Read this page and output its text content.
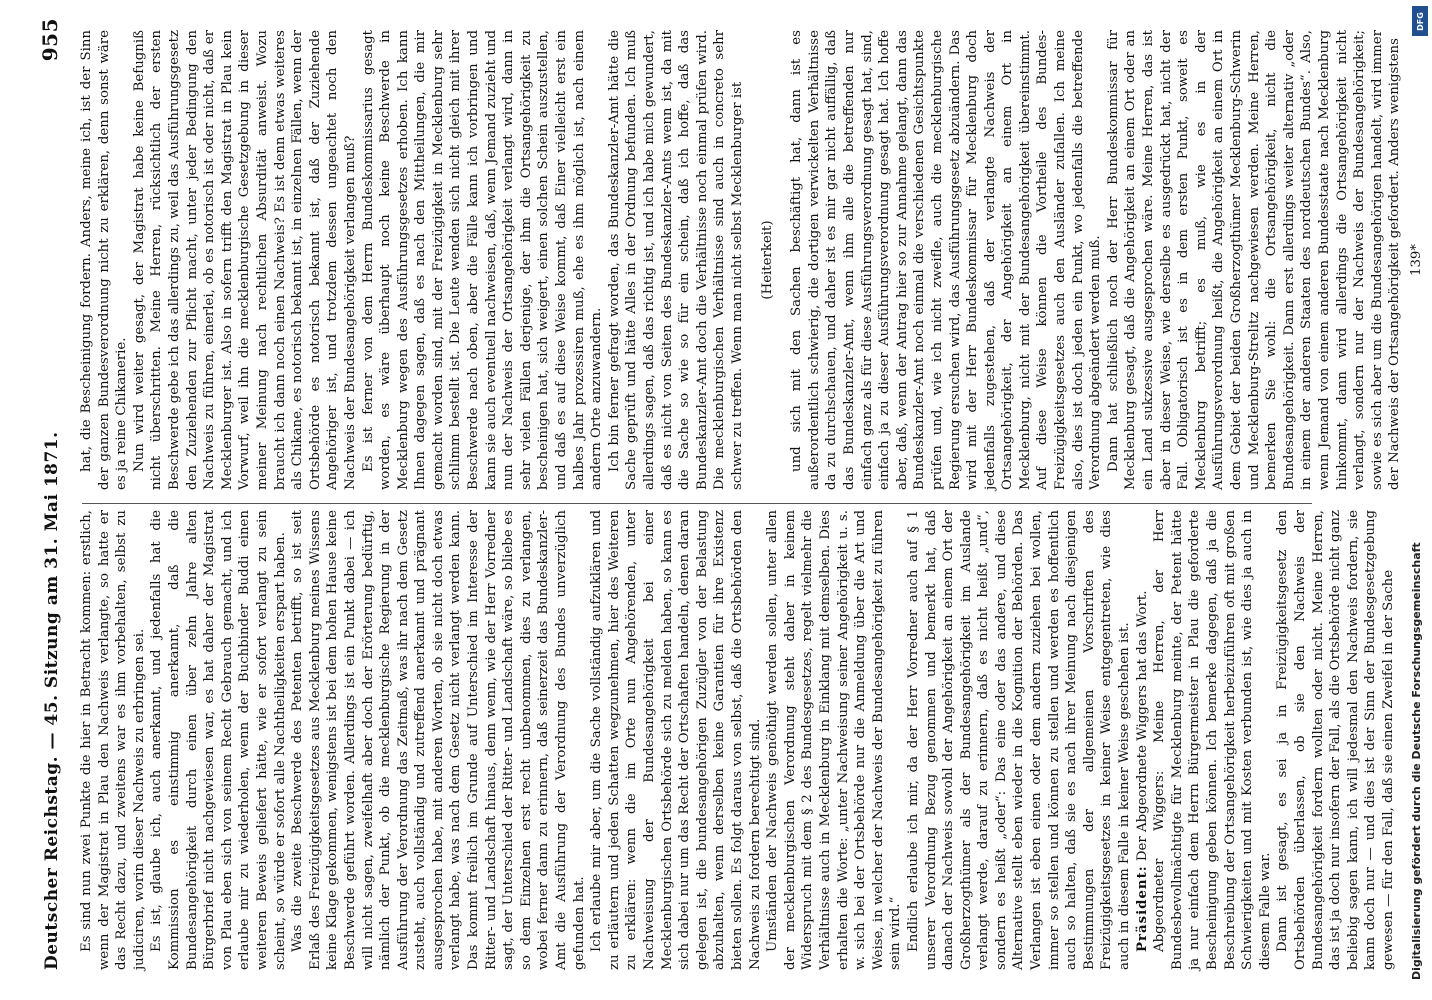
Deutscher Reichstag. — 45. Sitzung am 31. Mai 1871.
955

Es sind nun zwei Punkte die hier in Betracht kommen: erstlich, wenn der Magistrat in Plau den Nachweis verlangte, so hatte er das Recht dazu, und zweitens war es ihm vorbehalten, selbst zu judiciren, worin dieser Nachweis zu erbringen sei. Es ist, glaube ich, auch anerkannt, und jedenfalls hat die Kommission es einstimmig anerkannt, daß die Bundesangehörigkeit durch einen über zehn Jahre alten Bürgerbrief nicht nachgewiesen war, es hat daher der Magistrat von Plau eben sich von seinem Recht Gebrauch gemacht, und ich erlaube mir zu wiederholen, wenn der Buchbinder Buddi einen weiteren Beweis geliefert hätte, wie er sofort verlangt zu sein scheint, so würde er sofort alle Nachtheiligkeiten erspart haben. Was die zweite Beschwerde des Petenten betrifft, so ist seit Erlaß des Freizügigkeitsgesetzes aus Mecklenburg meines Wissens keine Klage gekommen, wenigstens ist bei dem hohen Hause keine Beschwerde geführt worden. Allerdings ist ein Punkt dabei — ich will nicht sagen, zweifelhaft aber doch der Erörterung bedürftig, nämlich der Punkt, ob die mecklenburgische Regierung in der Ausführung der Verordnung das Zeitmaß, was ihr nach dem Gesetz zusteht, auch vollständig und zutreffend anerkannt und prägnant ausgesprochen habe, mit anderen Worten, ob sie nicht doch etwas verlangt habe, was nach dem Gesetz nicht verlangt werden kann. Das kommt freilich im Grunde auf Unterschied im Interesse der Ritter- und Landschaft hinaus, denn wenn, wie der Herr Vorredner sagt, der Unterschied der Ritter- und Landschaft wäre, so bliebe es so dem Einzelnen erst recht unbenommen, dies zu verlangen, wobei ferner dann zu erinnern, daß seinerzeit das Bundeskanzler-Amt die Ausführung der Verordnung des Bundes unverzüglich gefunden hat. Ich erlaube mir aber, um die Sache vollständig aufzuklären und zu erläutern und jeden Schatten wegzunehmen, hier des Weiteren zu erklären: wenn die im Orte nun Angehörenden, unter Nachweisung der Bundesangehörigkeit bei einer Mecklenburgischen Ortsbehörde sich zu melden haben, so kann es sich dabei nur um das Recht der Ortschaften handeln, denen daran gelegen ist, die bundesangehörigen Zuzügler von der Belastung abzuhalten, wenn derselben keine Garantien für ihre Existenz bieten sollen. Es folgt daraus von selbst, daß die Ortsbehörden den Nachweis zu fordern berechtigt sind. Umständen der Nachweis genöthigt werden sollen, unter allen der mecklenburgischen Verordnung steht daher in keinem Widerspruch mit dem § 2 des Bundesgesetzes, regelt vielmehr die Verhältnisse auch in Mecklenburg in Einklang mit demselben. Dies erhalten die Worte: „unter Nachweisung seiner Angehörigkeit u. s. w. sich bei der Ortsbehörde nur die Anmeldung über die Art und Weise, in welcher der Nachweis der Bundesangehörigkeit zu führen sein wird.“ Endlich erlaube ich mir, da der Herr Vorredner auch auf § 1 unserer Verordnung Bezug genommen und bemerkt hat, daß danach der Nachweis sowohl der Angehörigkeit an einem Ort der Großherzogthümer als der Bundesangehörigkeit im Auslande verlangt werde, darauf zu erinnern, daß es nicht heißt „und“, sondern es heißt „oder“: Das eine oder das andere, und diese Alternative stellt eben wieder in die Kognition der Behörden. Das Verlangen ist eben einen oder dem andern zuziehen bei wollen, immer so stellen und können zu stellen und werden es hoffentlich auch so halten, daß sie es nach ihrer Meinung nach diesjenigen Bestimmungen der allgemeinen Vorschriften des Freizügigkeitsgesetzes in keiner Weise entgegentreten, wie dies auch in diesem Falle in keiner Weise geschehen ist. Präsident: Der Abgeordnete Wiggers hat das Wort. Abgeordneter Wiggers: Meine Herren, der Herr Bundesbevollmächtigte für Mecklenburg meinte, der Petent hätte ja nur einfach dem Herrn Bürgermeister in Plau die geforderte Bescheinigung geben können. Ich bemerke dagegen, daß ja die Beschreibung der Ortsangehörigkeit herbeizuführen oft mit großen Schwierigkeiten und mit Kosten verbunden ist, wie dies ja auch in diesem Falle war. Dann ist gesagt, es sei ja in Freizügigkeitsgesetz den Ortsbehörden überlassen, ob sie den Nachweis der Bundesangehörigkeit fordern wollten oder nicht. Meine Herren, das ist ja doch nur insofern der Fall, als die Ortsbehörde nicht ganz beliebig sagen kann, ich will jedesmal den Nachweis fordern, sie kann doch nur — und dies ist der Sinn der Bundesgesetzgebung gewesen — für den Fall, daß sie einen Zweifel in der Sache

hat, die Bescheinigung fordern. Anders, meine ich, ist der Sinn der ganzen Bundesverordnung nicht zu erklären, denn sonst wäre es ja reine Chikanerie. Nun wird weiter gesagt, der Magistrat habe keine Befugniß nicht überschritten. Meine Herren, rücksichtlich der ersten Beschwerde gebe ich das allerdings zu, weil das Ausführungsgesetz den Zuziehenden zur Pflicht macht, unter jeder Bedingung den Nachweis zu führen, einerlei, ob es notorisch ist oder nicht, daß er Mecklenburger ist. Also in sofern trifft den Magistrat in Plau kein Vorwurf, weil ihn die mecklenburgische Gesetzgebung in dieser meiner Meinung nach rechtlichen Absurdität anweist. Wozu braucht ich dann noch einen Nachweis? Es ist denn etwas weiteres als Chikane, es notorisch bekannt ist, in einzelnen Fällen, wenn der Ortsbehörde es notorisch bekannt ist, daß der Zuziehende Angehöriger ist, und trotzdem dessen ungeachtet noch den Nachweis der Bundesangehörigkeit verlangen muß? Es ist ferner von dem Herrn Bundeskommissarius gesagt worden, es wäre überhaupt noch keine Beschwerde in Mecklenburg wegen des Ausführungsgesetzes erhoben. Ich kann Ihnen dagegen sagen, daß es nach den Mittheilungen, die mir gemacht worden sind, mit der Freizügigkeit in Mecklenburg sehr schlimm bestellt ist. Die Leute wenden sich nicht gleich mit ihrer Beschwerde nach oben, aber die Fälle kann ich vorbringen und kann sie auch eventuell nachweisen, daß, wenn Jemand zuzieht und nun der Nachweis der Ortsangehörigkeit verlangt wird, dann in sehr vielen Fällen derjenige, der ihm die Ortsangehörigkeit zu bescheinigen hat, sich weigert, einen solchen Schein auszustellen, und daß es auf diese Weise kommt, daß Einer vielleicht erst ein halbes Jahr prozessiren muß, ehe es ihm möglich ist, nach einem andern Orte anzuwandern. Ich bin ferner gefragt worden, das Bundeskanzler-Amt hätte die Sache geprüft und hätte Alles in der Ordnung befunden. Ich muß allerdings sagen, daß das richtig ist, und ich habe mich gewundert, daß es nicht von Seiten des Bundeskanzler-Amts wenn ist, da mit die Sache so wie so für ein schein, daß ich hoffe, daß das Bundeskanzler-Amt doch die Verhältnisse noch einmal prüfen wird. Die mecklenburgischen Verhältnisse sind auch in concreto sehr schwer zu treffen. Wenn man nicht selbst Mecklenburger ist (Heiterkeit) und sich mit den Sachen beschäftigt hat, dann ist es außerordentlich schwierig, die dortigen verwickelten Verhältnisse da zu durchschauen, und daher ist es mir gar nicht auffällig, daß das Bundeskanzler-Amt, wenn ihm alle die betreffenden nur einfach ganz als für diese Ausführungsverordnung gesagt hat, sind, einfach ja zu dieser Ausführungsverordnung gesagt hat. Ich hoffe aber, daß, wenn der Antrag hier so zur Annahme gelangt, dann das Bundeskanzler-Amt noch einmal die verschiedenen Gesichtspunkte prüfen und, wie ich nicht zweifle, auch die mecklenburgische Regierung ersuchen wird, das Ausführungsgesetz abzuändern. Das wird mit der Herr Bundeskommissar für Mecklenburg doch jedenfalls zugestehen, daß der verlangte Nachweis der Ortsangehörigkeit, der Angehörigkeit an einem Ort in Mecklenburg, nicht mit der Bundesangehörigkeit übereinstimmt. Auf diese Weise können die Vortheile des Bundes-Freizügigkeitsgesetzes auch den Ausländer zufallen. Ich meine also, dies ist doch jeden ein Punkt, wo jedenfalls die betreffende Verordnung abgeändert werden muß. Dann hat schließlich noch der Herr Bundeskommissar für Mecklenburg gesagt, daß die Angehörigkeit an einem Ort oder an ein Land sukzessive ausgesprochen wäre. Meine Herren, das ist aber in dieser Weise, wie derselbe es ausgedrückt hat, nicht der Fall. Obligatorisch ist es in dem ersten Punkt, soweit es Mecklenburg betrifft; es muß, wie es in der Ausführungsverordnung heißt, die Angehörigkeit an einem Ort in dem Gebiet der beiden Großherzogthümer Mecklenburg-Schwerin und Mecklenburg-Strelitz nachgewiesen werden. Meine Herren, bemerken Sie wohl: die Ortsangehörigkeit, nicht die Bundesangehörigkeit. Dann erst allerdings weiter alternativ „oder in einem der anderen Staaten des norddeutschen Bundes“. Also, wenn Jemand von einem anderen Bundesstaate nach Mecklenburg hinkommt, dann wird allerdings die Ortsangehörigkeit nicht verlangt, sondern nur der Nachweis der Bundesangehörigkeit; sowie es sich aber um die Bundesangehörigen handelt, wird immer der Nachweis der Ortsangehörigkeit gefordert. Anders wenigstens 139*

Digitalisierung gefördert durch die Deutsche Forschungsgemeinschaft
DFG
